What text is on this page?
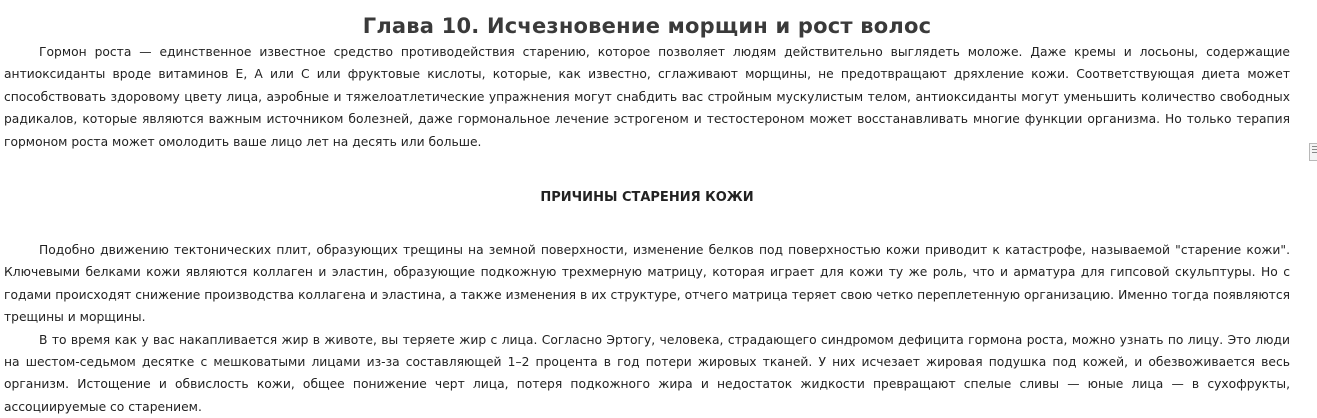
Глава 10. Исчезновение морщин и рост волос

Гормон роста — единственное известное средство противодействия старению, которое позволяет людям действительно выглядеть моложе. Даже кремы и лосьоны, содержащие антиоксиданты вроде витаминов Е, А или С или фруктовые кислоты, которые, как известно, сглаживают морщины, не предотвращают дряхление кожи. Соответствующая диета может способствовать здоровому цвету лица, аэробные и тяжелоатлетические упражнения могут снабдить вас стройным мускулистым телом, антиоксиданты могут уменьшить количество свободных радикалов, которые являются важным источником болезней, даже гормональное лечение эстрогеном и тестостероном может восстанавливать многие функции организма. Но только терапия гормоном роста может омолодить ваше лицо лет на десять или больше.

ПРИЧИНЫ СТАРЕНИЯ КОЖИ

Подобно движению тектонических плит, образующих трещины на земной поверхности, изменение белков под поверхностью кожи приводит к катастрофе, называемой "старение кожи". Ключевыми белками кожи являются коллаген и эластин, образующие подкожную трехмерную матрицу, которая играет для кожи ту же роль, что и арматура для гипсовой скульптуры. Но с годами происходят снижение производства коллагена и эластина, а также изменения в их структуре, отчего матрица теряет свою четко переплетенную организацию. Именно тогда появляются трещины и морщины.

В то время как у вас накапливается жир в животе, вы теряете жир с лица. Согласно Эртогу, человека, страдающего синдромом дефицита гормона роста, можно узнать по лицу. Это люди на шестом-седьмом десятке с мешковатыми лицами из-за составляющей 1–2 процента в год потери жировых тканей. У них исчезает жировая подушка под кожей, и обезвоживается весь организм. Истощение и обвислость кожи, общее понижение черт лица, потеря подкожного жира и недостаток жидкости превращают спелые сливы — юные лица — в сухофрукты, ассоциируемые со старением.
